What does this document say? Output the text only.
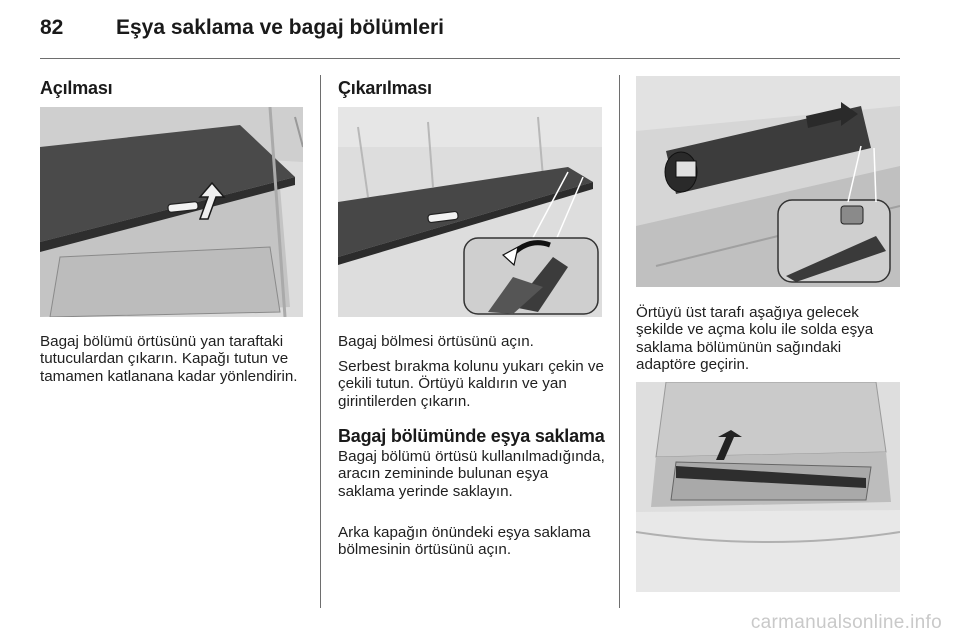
82	Eşya saklama ve bagaj bölümleri
Açılması
Bagaj bölümü örtüsünü yan taraftaki tutuculardan çıkarın. Kapağı tutun ve tamamen katlanana kadar yönlendirin.
Çıkarılması
Bagaj bölmesi örtüsünü açın.
Serbest bırakma kolunu yukarı çekin ve çekili tutun. Örtüyü kaldırın ve yan girintilerden çıkarın.
Bagaj bölümünde eşya saklama
Bagaj bölümü örtüsü kullanılmadığında, aracın zemininde bulunan eşya saklama yerinde saklayın.
Arka kapağın önündeki eşya saklama bölmesinin örtüsünü açın.
Örtüyü üst tarafı aşağıya gelecek şekilde ve açma kolu ile solda eşya saklama bölümünün sağındaki adaptöre geçirin.
carmanualsonline.info
